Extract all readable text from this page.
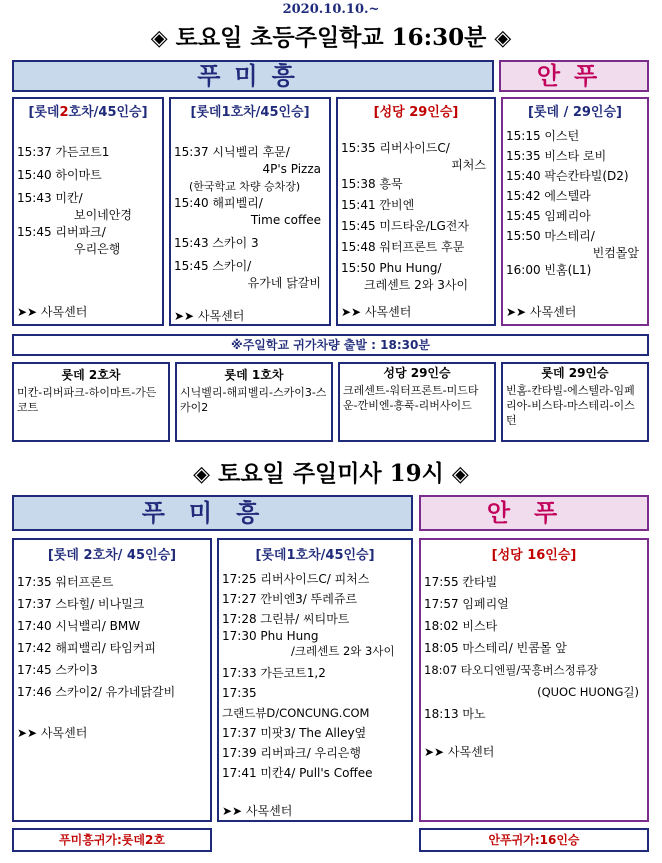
2020.10.10.~
◈ 토요일 초등주일학교 16:30분 ◈
푸미흥	안푸
[롯데2호차/45인승]
15:37 가든코트1
15:40 하이마트
15:43 미칸/
보이네안경
15:45 리버파크/
우리은행
➤➤ 사목센터
[롯데1호차/45인승]
15:37 시닉벨리 후문/
4P's Pizza
(한국학교 차량 승차장)
15:40 해피벨리/
Time coffee
15:43 스카이 3
15:45 스카이/
유가네 닭갈비
➤➤ 사목센터
[성당 29인승]
15:35 리버사이드C/
피처스
15:38 흥묵
15:41 깐비엔
15:45 미드타운/LG전자
15:48 워터프론트 후문
15:50 Phu Hung/
크레센트 2와 3사이
➤➤ 사목센터
[롯데 / 29인승]
15:15 이스턴
15:35 비스타 로비
15:40 팍슨칸타빌(D2)
15:42 에스텔라
15:45 임페리아
15:50 마스테리/
빈컴몰앞
16:00 빈홈(L1)
➤➤ 사목센터
※주일학교 귀가차량 출발 : 18:30분
롯데 2호차
미칸-리버파크-하이마트-가든코트
롯데 1호차
시닉벨리-해피벨리-스카이3-스카이2
성당 29인승
크레센트-워터프론트-미드타운-깐비엔-흥푹-리버사이드
롯데 29인승
빈홈-칸타빌-에스텔라-임페리아-비스타-마스테리-이스턴
◈ 토요일 주일미사 19시 ◈
푸미흥	안푸
[롯데 2호차/ 45인승]
17:35 워터프론트
17:37 스타힐/ 비나밀크
17:40 시닉밸리/ BMW
17:42 해피밸리/ 타임커피
17:45 스카이3
17:46 스카이2/ 유가네닭갈비
➤➤ 사목센터
[롯데1호차/45인승]
17:25 리버사이드C/ 피처스
17:27 깐비엔3/ 뚜레쥬르
17:28 그린뷰/ 씨티마트
17:30 Phu Hung
/크레센트 2와 3사이
17:33 가든코트1,2
17:35
그랜드뷰D/CONCUNG.COM
17:37 미팟3/ The Alley옆
17:39 리버파크/ 우리은행
17:41 미칸4/ Pull's Coffee
➤➤ 사목센터
[성당 16인승]
17:55 칸타빌
17:57 임페리얼
18:02 비스타
18:05 마스테리/ 빈콤몰 앞
18:07 타오디엔필/꾹흥버스정류장
(QUOC HUONG길)
18:13 마노
➤➤ 사목센터
푸미흥귀가:롯데2호	안푸귀가:16인승
